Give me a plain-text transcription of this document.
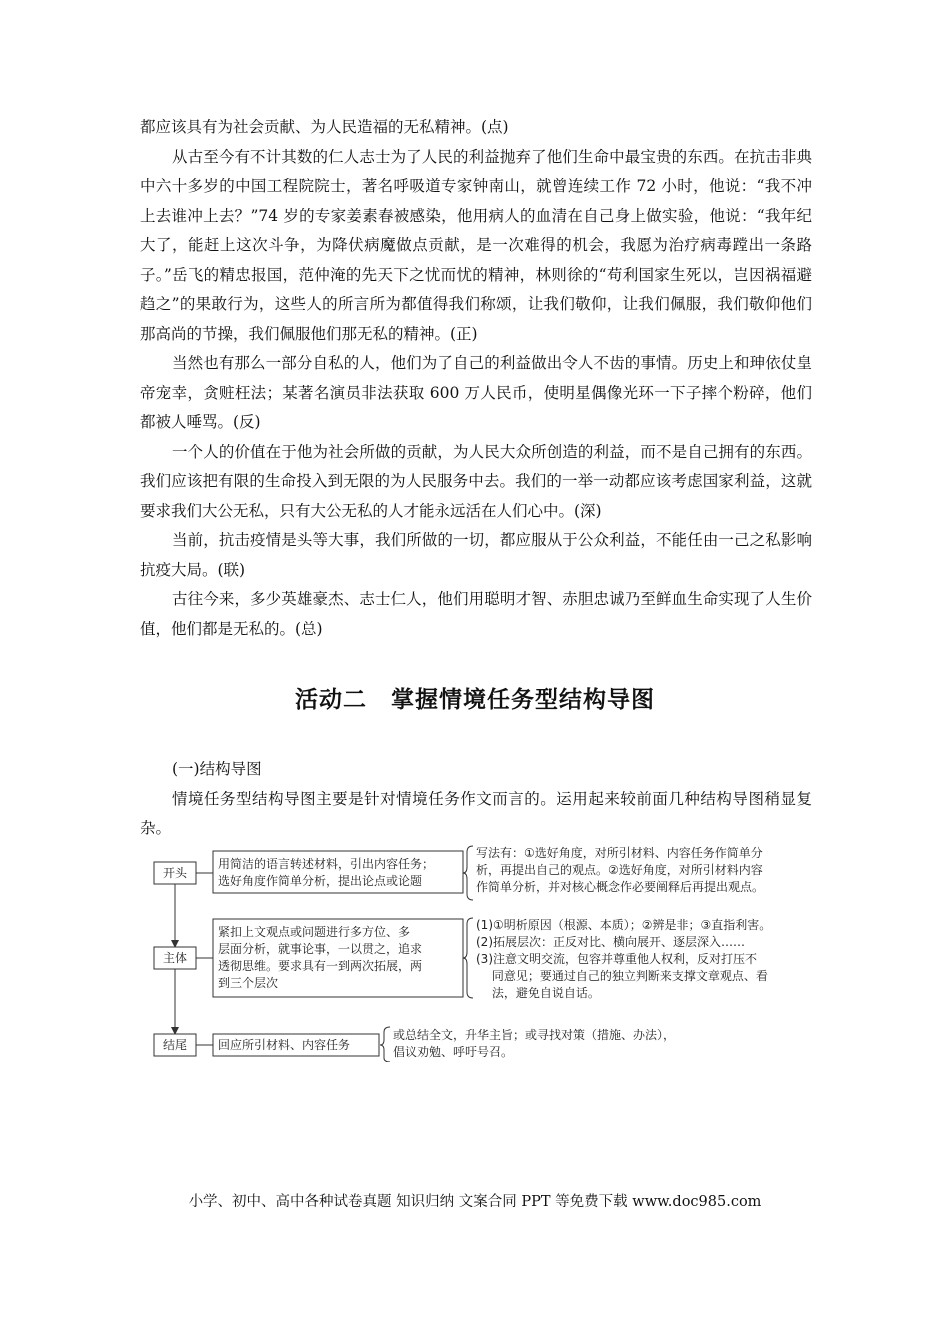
都应该具有为社会贡献、为人民造福的无私精神。(点)

从古至今有不计其数的仁人志士为了人民的利益抛弃了他们生命中最宝贵的东西。在抗击非典中六十多岁的中国工程院院士，著名呼吸道专家钟南山，就曾连续工作 72 小时，他说：“我不冲上去谁冲上去？”74 岁的专家姜素春被感染，他用病人的血清在自己身上做实验，他说：“我年纪大了，能赶上这次斗争，为降伏病魔做点贡献，是一次难得的机会，我愿为治疗病毒蹚出一条路子。”岳飞的精忠报国，范仲淹的先天下之忧而忧的精神，林则徐的“苟利国家生死以，岂因祸福避趋之”的果敢行为，这些人的所言所为都值得我们称颂，让我们敬仰，让我们佩服，我们敬仰他们那高尚的节操，我们佩服他们那无私的精神。(正)

当然也有那么一部分自私的人，他们为了自己的利益做出令人不齿的事情。历史上和珅依仗皇帝宠幸，贪赃枉法；某著名演员非法获取 600 万人民币，使明星偶像光环一下子摔个粉碎，他们都被人唾骂。(反)

一个人的价值在于他为社会所做的贡献，为人民大众所创造的利益，而不是自己拥有的东西。我们应该把有限的生命投入到无限的为人民服务中去。我们的一举一动都应该考虑国家利益，这就要求我们大公无私，只有大公无私的人才能永远活在人们心中。(深)

当前，抗击疫情是头等大事，我们所做的一切，都应服从于公众利益，不能任由一己之私影响抗疫大局。(联)

古往今来，多少英雄豪杰、志士仁人，他们用聪明才智、赤胆忠诚乃至鲜血生命实现了人生价值，他们都是无私的。(总)

活动二　掌握情境任务型结构导图

(一)结构导图

情境任务型结构导图主要是针对情境任务作文而言的。运用起来较前面几种结构导图稍显复杂。

开头
用简洁的语言转述材料，引出内容任务；
选好角度作简单分析，提出论点或论题
写法有：①选好角度，对所引材料、内容任务作简单分
析，再提出自己的观点。②选好角度，对所引材料内容
作简单分析，并对核心概念作必要阐释后再提出观点。
主体
紧扣上文观点或问题进行多方位、多
层面分析，就事论事，一以贯之，追求
透彻思维。要求具有一到两次拓展，两
到三个层次
(1)①明析原因（根源、本质）；②辨是非；③直指利害。
(2)拓展层次：正反对比、横向展开、逐层深入……
(3)注意文明交流，包容并尊重他人权利，反对打压不
　 同意见；要通过自己的独立判断来支撑文章观点、看
　 法，避免自说自话。
结尾	回应所引材料、内容任务
或总结全文，升华主旨；或寻找对策（措施、办法），
倡议劝勉、呼吁号召。
小学、初中、高中各种试卷真题 知识归纳 文案合同 PPT 等免费下载 www.doc985.com
